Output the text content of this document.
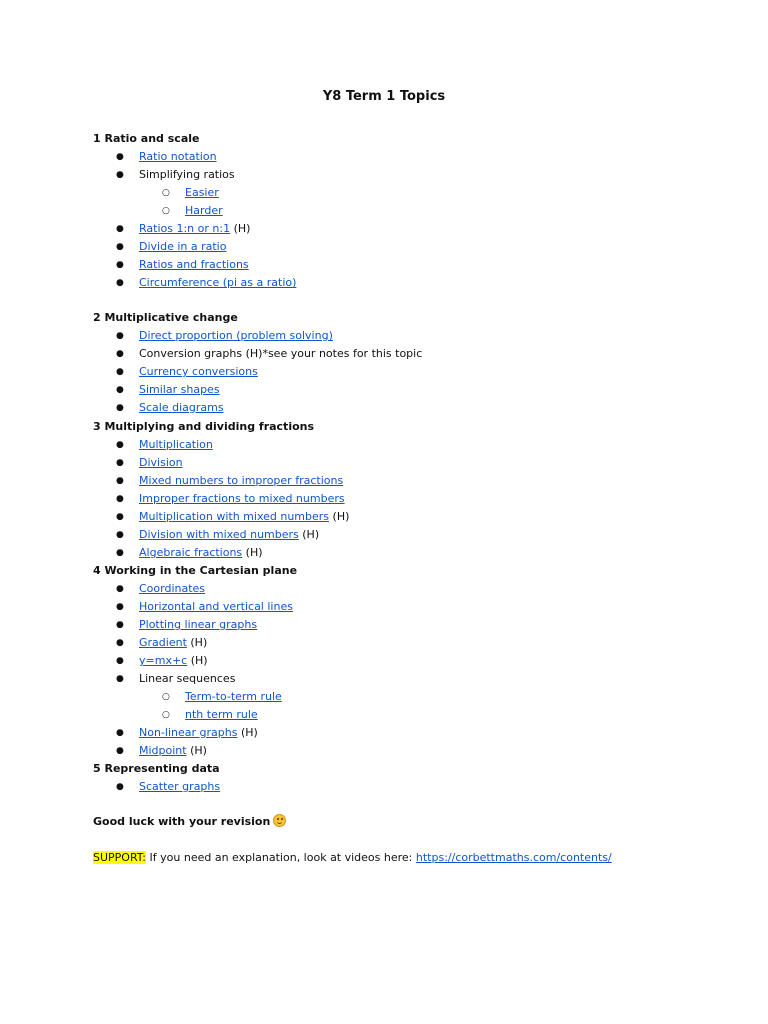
Y8 Term 1 Topics
1 Ratio and scale
● Ratio notation
● Simplifying ratios
○ Easier
○ Harder
● Ratios 1:n or n:1 (H)
● Divide in a ratio
● Ratios and fractions
● Circumference (pi as a ratio)
2 Multiplicative change
● Direct proportion (problem solving)
● Conversion graphs (H)*see your notes for this topic
● Currency conversions
● Similar shapes
● Scale diagrams
3 Multiplying and dividing fractions
● Multiplication
● Division
● Mixed numbers to improper fractions
● Improper fractions to mixed numbers
● Multiplication with mixed numbers (H)
● Division with mixed numbers (H)
● Algebraic fractions (H)
4 Working in the Cartesian plane
● Coordinates
● Horizontal and vertical lines
● Plotting linear graphs
● Gradient (H)
● y=mx+c (H)
● Linear sequences
○ Term-to-term rule
○ nth term rule
● Non-linear graphs (H)
● Midpoint (H)
5 Representing data
● Scatter graphs
Good luck with your revision
SUPPORT: If you need an explanation, look at videos here: https://corbettmaths.com/contents/
